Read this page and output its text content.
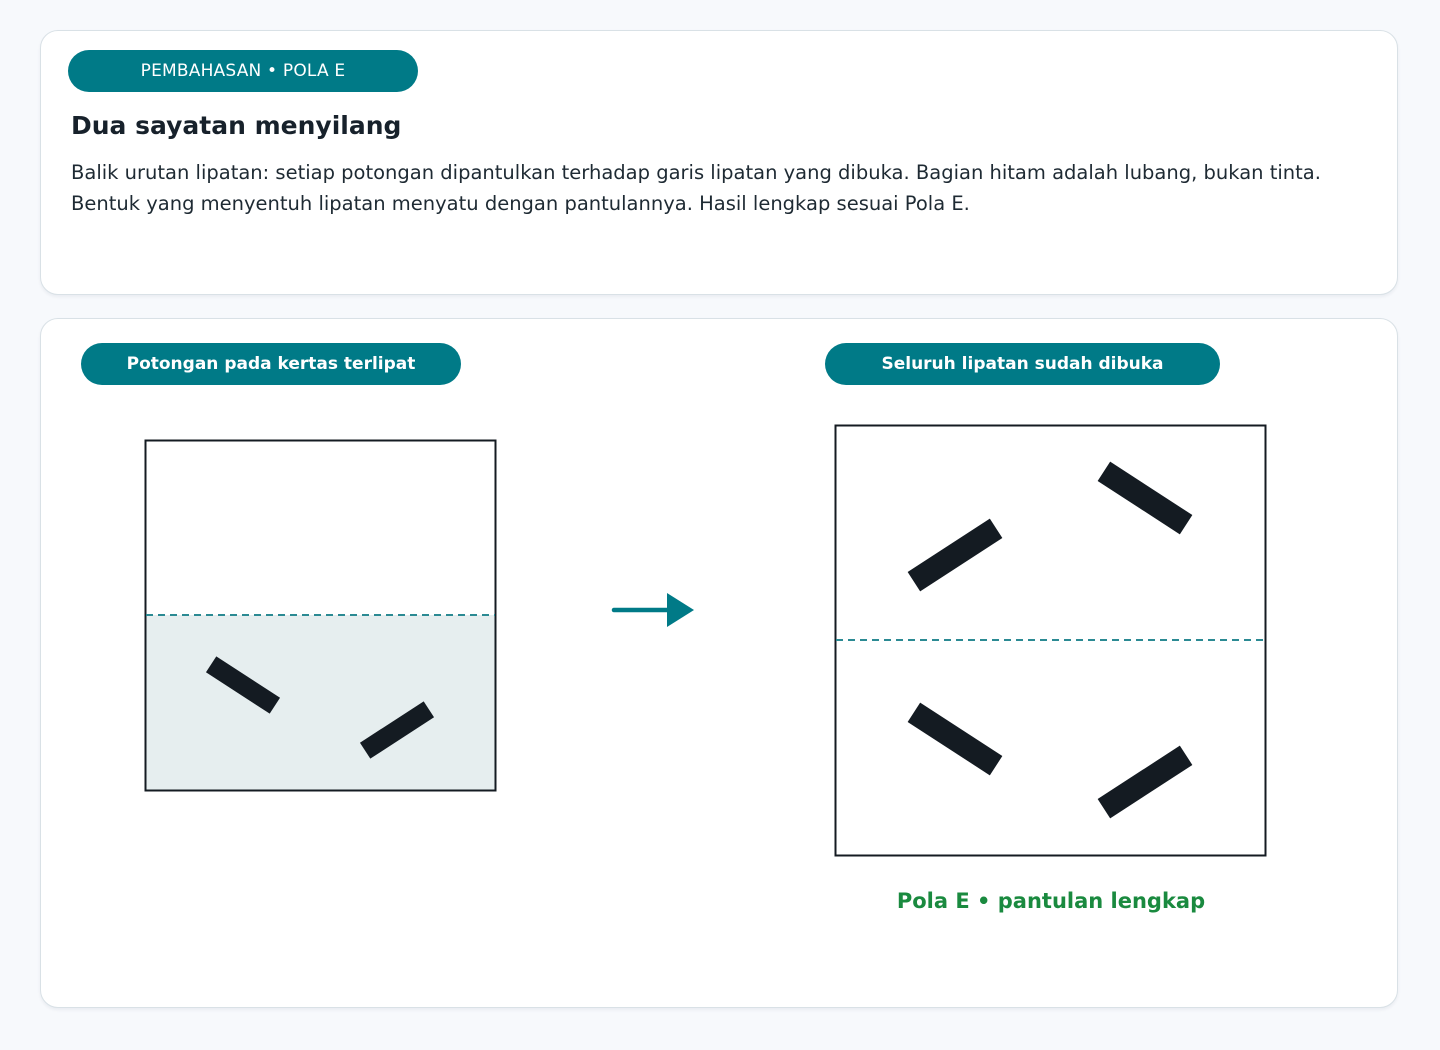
PEMBAHASAN • POLA E
Dua sayatan menyilang

Balik urutan lipatan: setiap potongan dipantulkan terhadap garis lipatan yang dibuka. Bagian hitam adalah lubang, bukan tinta. Bentuk yang menyentuh lipatan menyatu dengan pantulannya. Hasil lengkap sesuai Pola E.

Potongan pada kertas terlipat	Seluruh lipatan sudah dibuka
Pola E • pantulan lengkap
